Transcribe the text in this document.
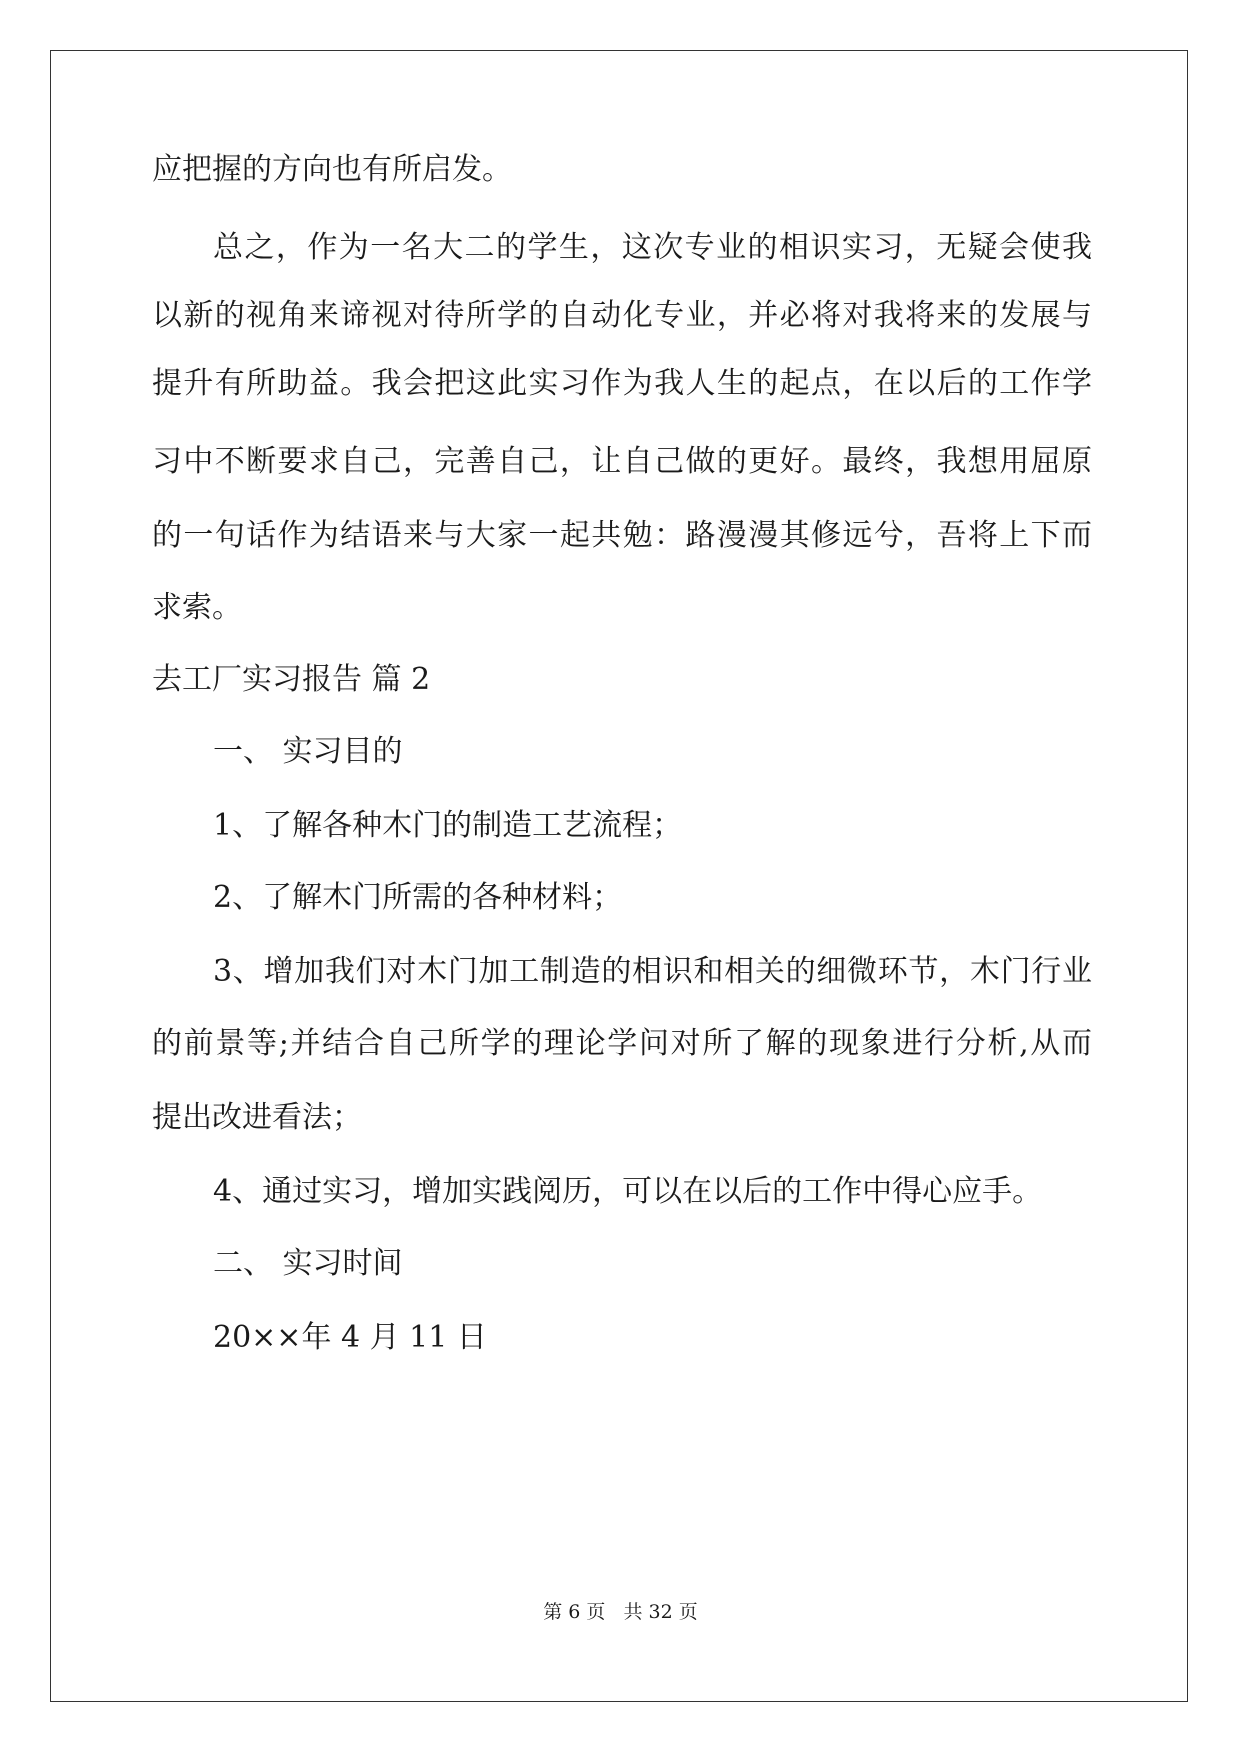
应把握的方向也有所启发。
总之，作为一名大二的学生，这次专业的相识实习，无疑会使我
以新的视角来谛视对待所学的自动化专业，并必将对我将来的发展与
提升有所助益。我会把这此实习作为我人生的起点，在以后的工作学
习中不断要求自己，完善自己，让自己做的更好。最终，我想用屈原
的一句话作为结语来与大家一起共勉：路漫漫其修远兮，吾将上下而
求索。
去工厂实习报告 篇 2
一、 实习目的
1、了解各种木门的制造工艺流程；
2、了解木门所需的各种材料；
3、增加我们对木门加工制造的相识和相关的细微环节，木门行业
的前景等;并结合自己所学的理论学问对所了解的现象进行分析,从而
提出改进看法；
4、通过实习，增加实践阅历，可以在以后的工作中得心应手。
二、 实习时间
20××年 4 月 11 日
第 6 页   共 32 页
